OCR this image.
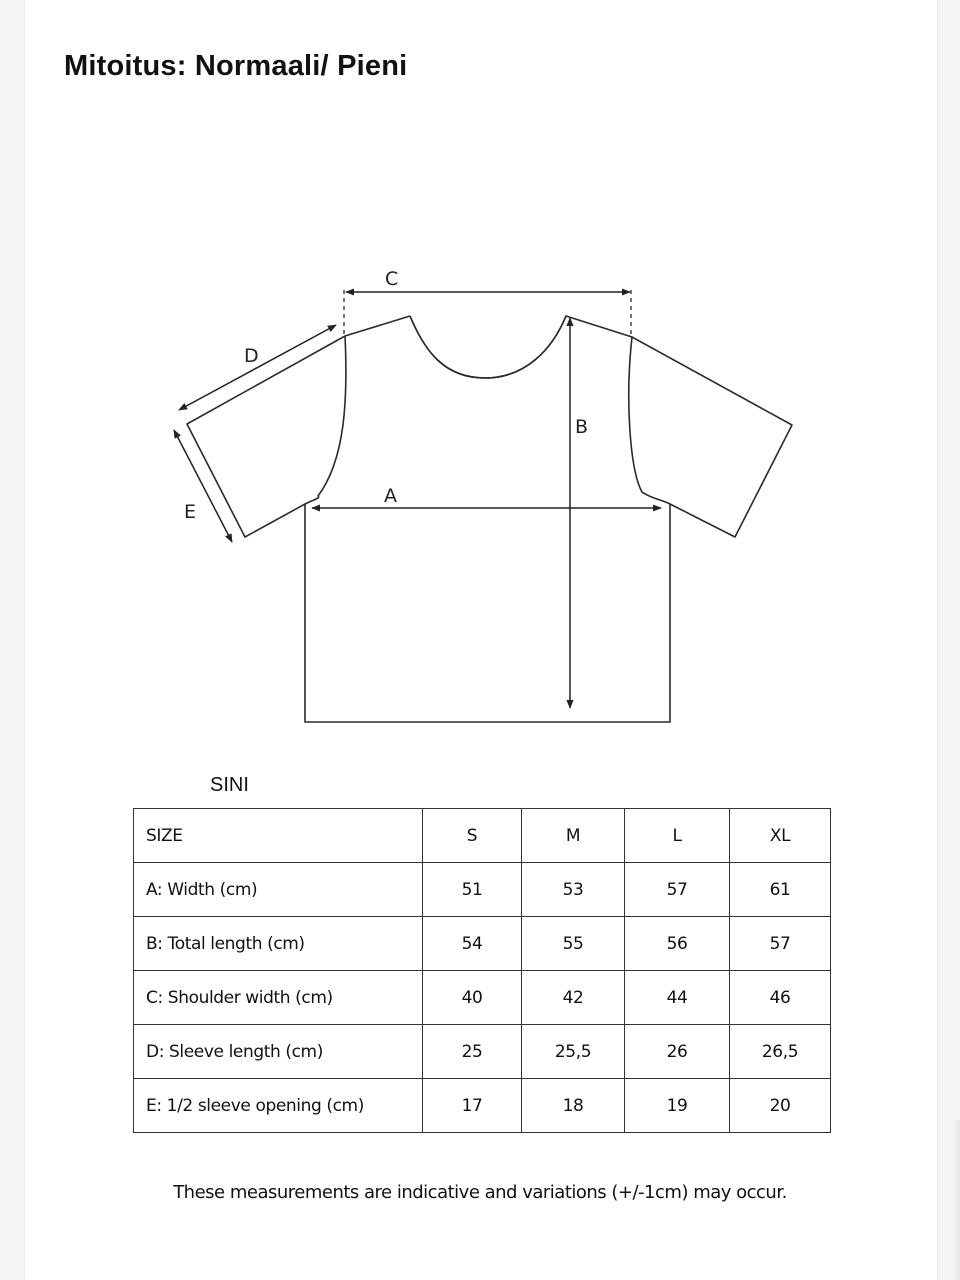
Mitoitus: Normaali/ Pieni
C
D
B
A
E
SINI
SIZE	S	M	L	XL
A: Width (cm)	51	53	57	61
B: Total length (cm)	54	55	56	57
C: Shoulder width (cm)	40	42	44	46
D: Sleeve length (cm)	25	25,5	26	26,5
E: 1/2 sleeve opening (cm)	17	18	19	20
These measurements are indicative and variations (+/-1cm) may occur.
